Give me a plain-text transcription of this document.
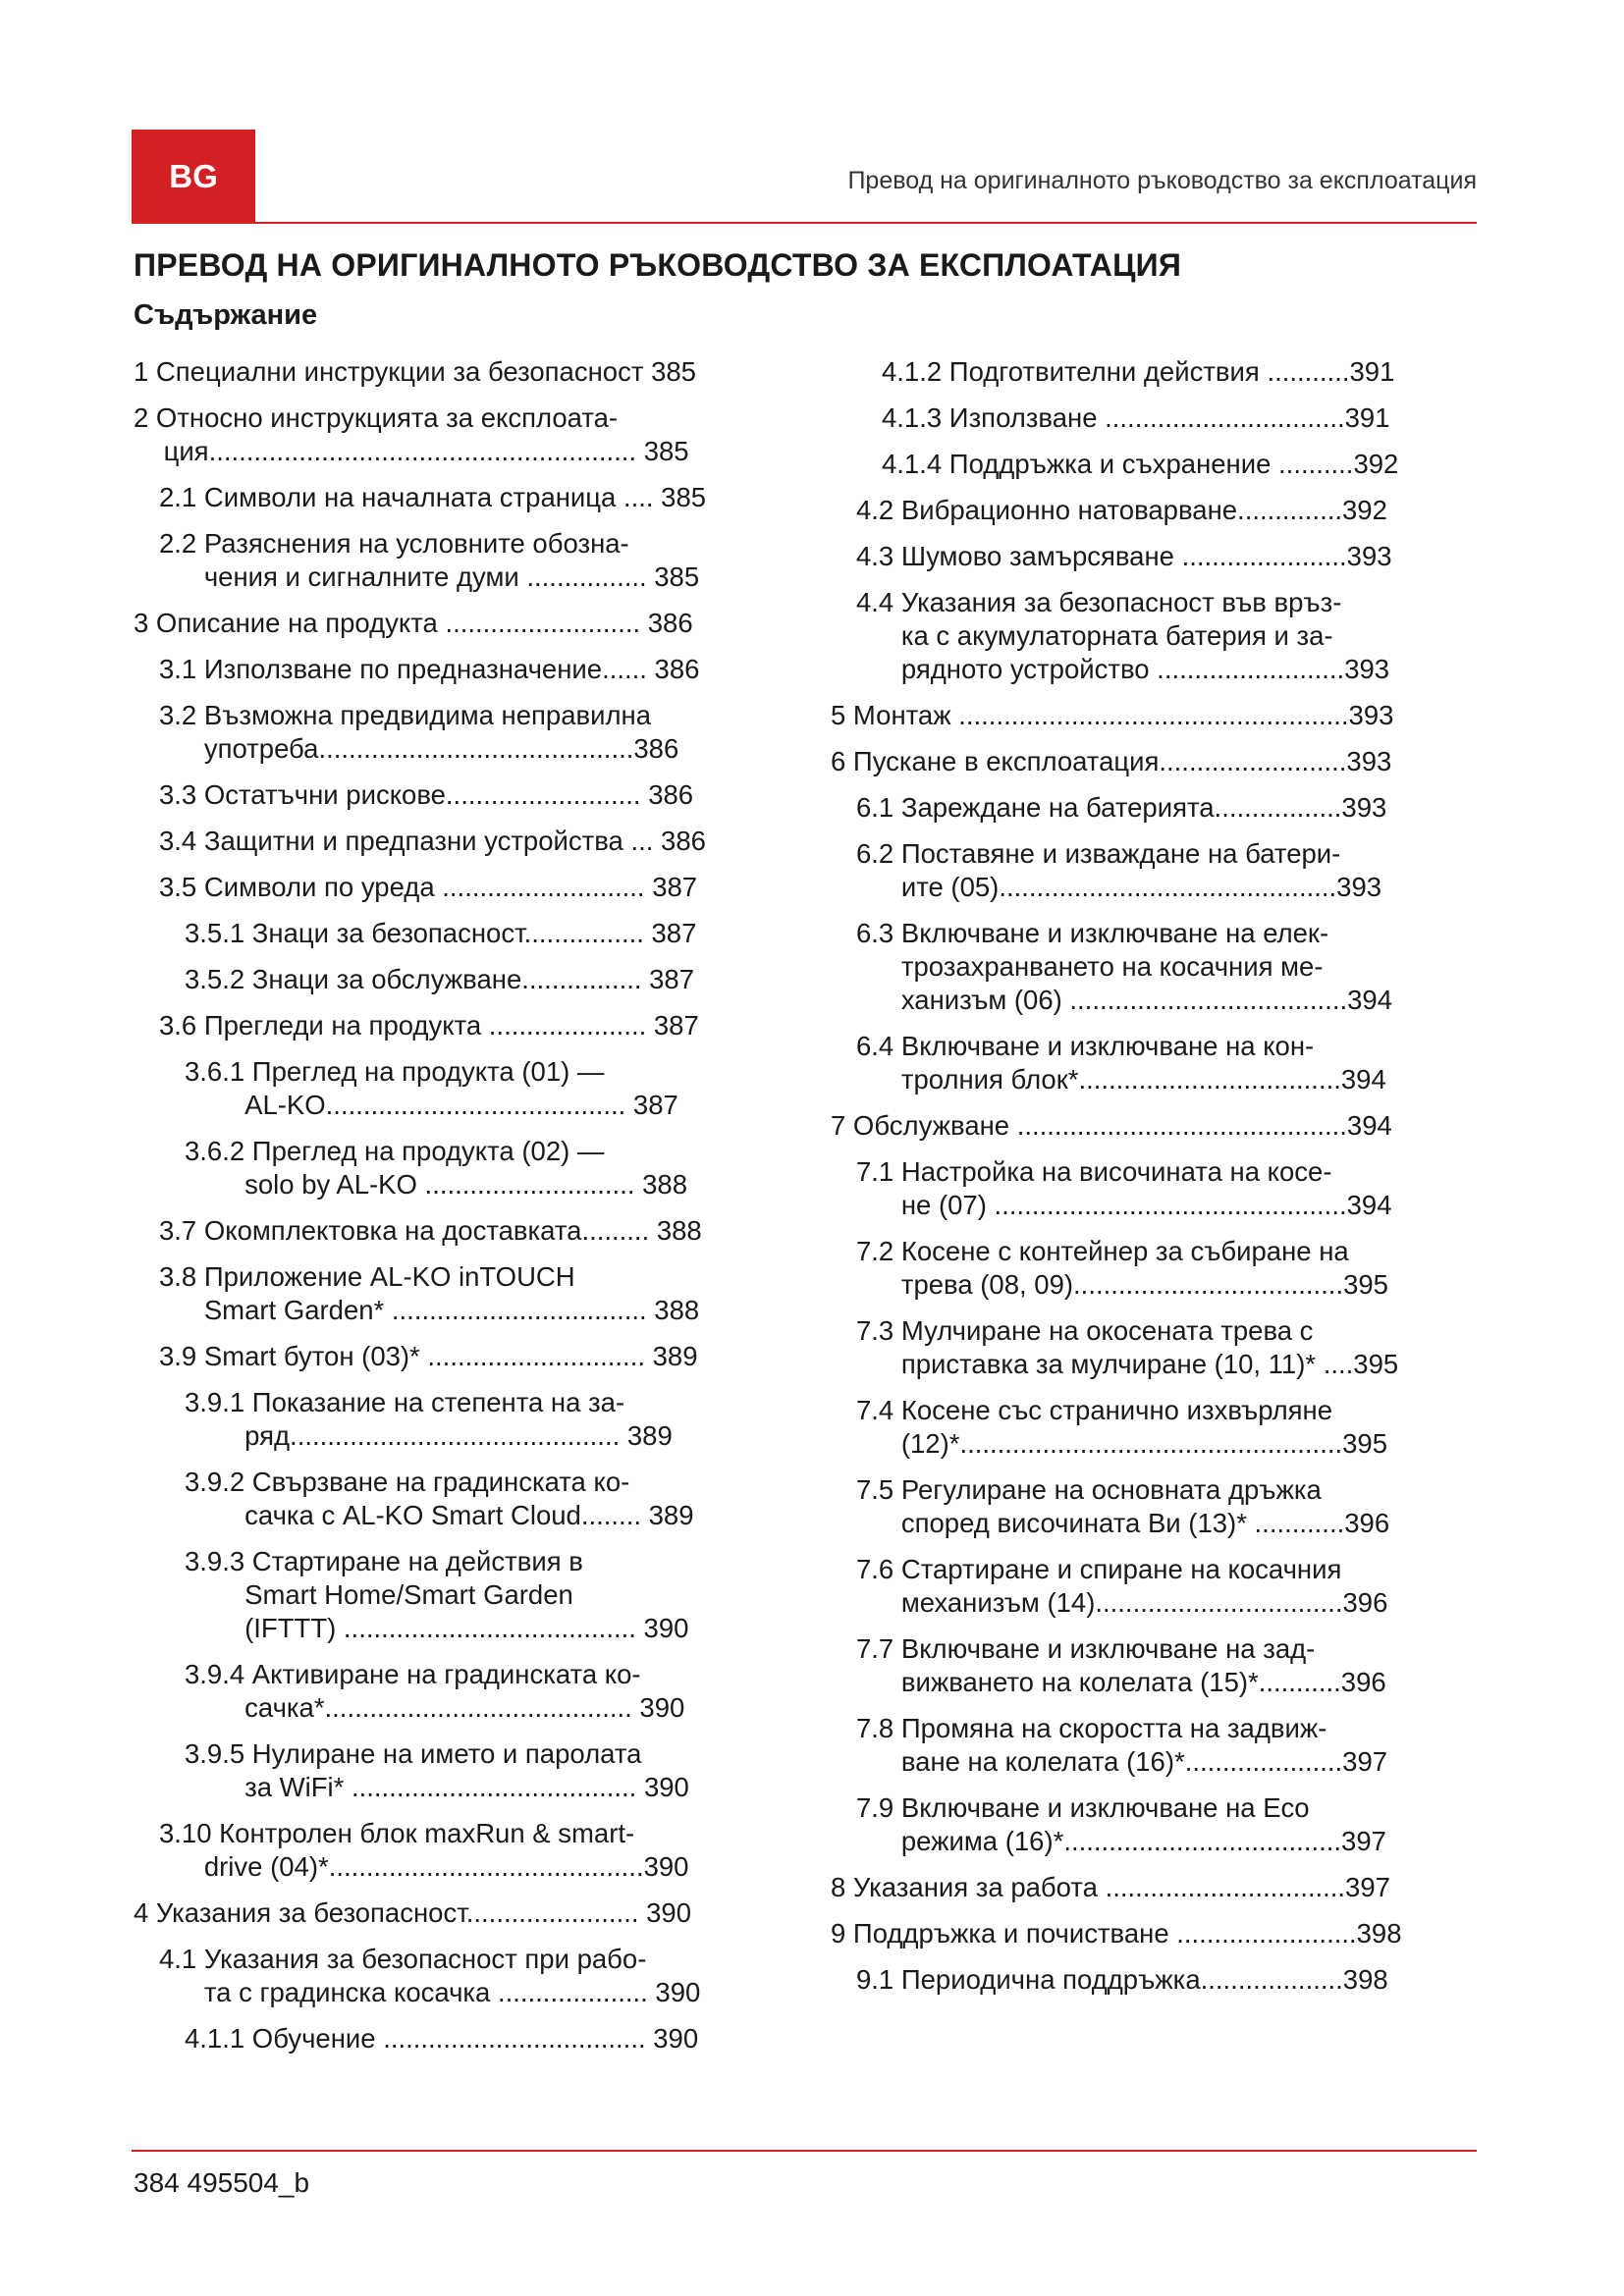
BG	Превод на оригиналното ръководство за експлоатация
ПРЕВОД НА ОРИГИНАЛНОТО РЪКОВОДСТВО ЗА ЕКСПЛОАТАЦИЯ
Съдържание
1 Специални инструкции за безопасност 385
2 Относно инструкцията за експлоата-
ция......................................................... 385
2.1 Символи на началната страница .... 385
2.2 Разяснения на условните обозна-
чения и сигналните думи ................ 385
3 Описание на продукта .......................... 386
3.1 Използване по предназначение...... 386
3.2 Възможна предвидима неправилна
употреба..........................................386
3.3 Остатъчни рискове.......................... 386
3.4 Защитни и предпазни устройства ... 386
3.5 Символи по уреда ........................... 387
3.5.1 Знаци за безопасност................ 387
3.5.2 Знаци за обслужване................ 387
3.6 Прегледи на продукта ..................... 387
3.6.1 Преглед на продукта (01) —
AL-KO........................................ 387
3.6.2 Преглед на продукта (02) —
solo by AL-KO ............................ 388
3.7 Окомплектовка на доставката......... 388
3.8 Приложение AL-KO inTOUCH
Smart Garden* .................................. 388
3.9 Smart бутон (03)* ............................. 389
3.9.1 Показание на степента на за-
ряд............................................ 389
3.9.2 Свързване на градинската ко-
сачка с AL-KO Smart Cloud........ 389
3.9.3 Стартиране на действия в
Smart Home/Smart Garden
(IFTTT) ....................................... 390
3.9.4 Активиране на градинската ко-
сачка*......................................... 390
3.9.5 Нулиране на името и паролата
за WiFi* ...................................... 390
3.10 Контролен блок maxRun & smart-
drive (04)*..........................................390
4 Указания за безопасност....................... 390
4.1 Указания за безопасност при рабо-
та с градинска косачка .................... 390
4.1.1 Обучение ................................... 390
4.1.2 Подготвителни действия ...........391
4.1.3 Използване ................................391
4.1.4 Поддръжка и съхранение ..........392
4.2 Вибрационно натоварване..............392
4.3 Шумово замърсяване ......................393
4.4 Указания за безопасност във връз-
ка с акумулаторната батерия и за-
рядното устройство .........................393
5 Монтаж ....................................................393
6 Пускане в експлоатация.........................393
6.1 Зареждане на батерията.................393
6.2 Поставяне и изваждане на батери-
ите (05).............................................393
6.3 Включване и изключване на елек-
трозахранването на косачния ме-
ханизъм (06) .....................................394
6.4 Включване и изключване на кон-
тролния блок*...................................394
7 Обслужване ............................................394
7.1 Настройка на височината на косе-
не (07) ...............................................394
7.2 Косене с контейнер за събиране на
трева (08, 09)....................................395
7.3 Мулчиране на окосената трева с
приставка за мулчиране (10, 11)* ....395
7.4 Косене със странично изхвърляне
(12)*...................................................395
7.5 Регулиране на основната дръжка
според височината Ви (13)* ............396
7.6 Стартиране и спиране на косачния
механизъм (14).................................396
7.7 Включване и изключване на зад-
вижването на колелата (15)*...........396
7.8 Промяна на скоростта на задвиж-
ване на колелата (16)*.....................397
7.9 Включване и изключване на Eco
режима (16)*.....................................397
8 Указания за работа ................................397
9 Поддръжка и почистване ........................398
9.1 Периодична поддръжка...................398
384 495504_b
